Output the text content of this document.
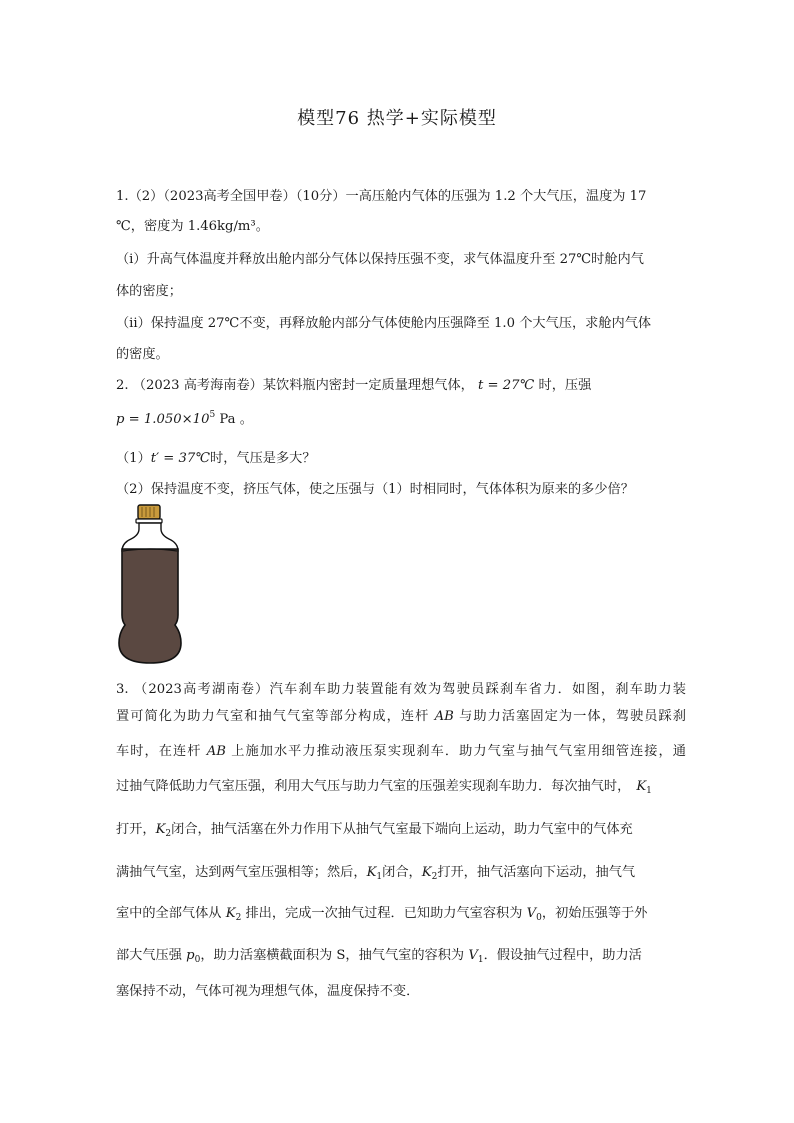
模型76 热学+实际模型
1.（2）（2023高考全国甲卷）（10分）一高压舱内气体的压强为 1.2 个大气压，温度为 17
℃，密度为 1.46kg/m³。
（i）升高气体温度并释放出舱内部分气体以保持压强不变，求气体温度升至 27℃时舱内气
体的密度；
（ii）保持温度 27℃不变，再释放舱内部分气体使舱内压强降至 1.0 个大气压，求舱内气体
的密度。
2. （2023 高考海南卷）某饮料瓶内密封一定质量理想气体， t = 27℃ 时，压强
$p = 1.050\times 10^5$ Pa 。
（1）t′ = 37℃时，气压是多大？
（2）保持温度不变，挤压气体，使之压强与（1）时相同时，气体体积为原来的多少倍？
3. （2023高考湖南卷）汽车刹车助力装置能有效为驾驶员踩刹车省力．如图，刹车助力装
置可简化为助力气室和抽气气室等部分构成，连杆 AB 与助力活塞固定为一体，驾驶员踩刹
车时，在连杆 AB 上施加水平力推动液压泵实现刹车．助力气室与抽气气室用细管连接，通
过抽气降低助力气室压强，利用大气压与助力气室的压强差实现刹车助力．每次抽气时， $K_1$
打开，$K_2$闭合，抽气活塞在外力作用下从抽气气室最下端向上运动，助力气室中的气体充
满抽气气室，达到两气室压强相等；然后，$K_1$闭合，$K_2$打开，抽气活塞向下运动，抽气气
室中的全部气体从 $K_2$ 排出，完成一次抽气过程．已知助力气室容积为 $V_0$，初始压强等于外
部大气压强 $p_0$，助力活塞横截面积为 S，抽气气室的容积为 $V_1$．假设抽气过程中，助力活
塞保持不动，气体可视为理想气体，温度保持不变．
